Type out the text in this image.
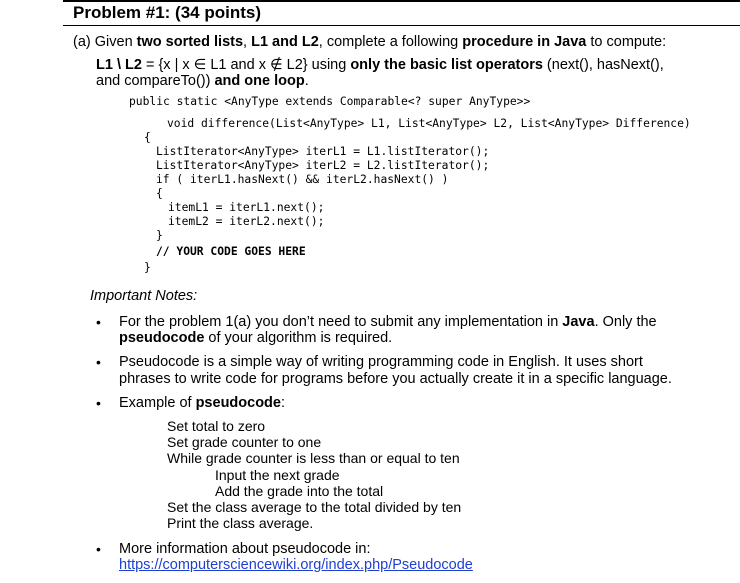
Problem #1: (34 points)
(a) Given two sorted lists, L1 and L2, complete a following procedure in Java to compute:
L1 \ L2 = {x | x ∈ L1 and x ∉ L2} using only the basic list operators (next(), hasNext(),
and compareTo()) and one loop.
public static <AnyType extends Comparable<? super AnyType>>
void difference(List<AnyType> L1, List<AnyType> L2, List<AnyType> Difference)
{
ListIterator<AnyType> iterL1 = L1.listIterator();
ListIterator<AnyType> iterL2 = L2.listIterator();
if ( iterL1.hasNext() && iterL2.hasNext() )
{
itemL1 = iterL1.next();
itemL2 = iterL2.next();
}
// YOUR CODE GOES HERE
}
Important Notes:
• For the problem 1(a) you don’t need to submit any implementation in Java. Only the
pseudocode of your algorithm is required.
• Pseudocode is a simple way of writing programming code in English. It uses short
phrases to write code for programs before you actually create it in a specific language.
• Example of pseudocode:
Set total to zero
Set grade counter to one
While grade counter is less than or equal to ten
Input the next grade
Add the grade into the total
Set the class average to the total divided by ten
Print the class average.
• More information about pseudocode in:
https://computersciencewiki.org/index.php/Pseudocode
